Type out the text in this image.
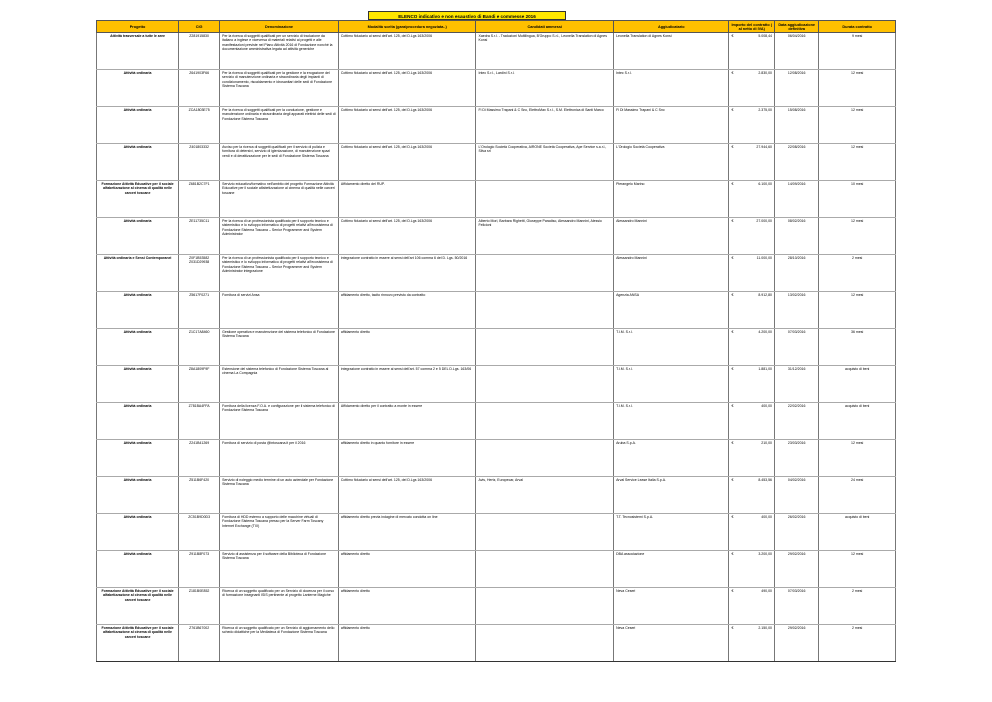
ELENCO indicativo e non esaustivo di Bandi e commesse 2016
Progetto	CIG	Denominazione	Modalità scelta (gara/procedura negoziata..)	Candidati ammessi	Aggiudicatario	Importo del contratto ( al netto di IVA)		Data aggiudicazione definitiva	Durata contratto
Attività trasversale a tutte le aree	Z281915830	Per la ricerca di soggetti qualificati per un servizio di traduzione da italiano a inglese e viceversa di materiali relativi ai progetti e alle manifestazioni previste nel Piano Attività 2016 di Fondazione nonché la documentazione amministrativa legata ad attività generiche	Cottimo fiduciario ai sensi dell'art. 125, del D.Lgs 163/2006	Xaedra S.r.l. - Traduzioni Multilingua, B'Gruppo S.r.l., Leonella Translation di Agnes Konsi	Leonella Translation di Agnes Konsi	€	5.008,44	06/04/2016	9 mesi
Attività ordinaria	Z641903F66	Per la ricerca di soggetti qualificati per la gestione e la erogazione del servizio di manutenzione ordinaria e straordinaria degli impianti di condizionamento, riscaldamento e idrosanitari delle sedi di Fondazione Sistema Toscana	Cottimo fiduciario ai sensi dell'art. 125, del D.Lgs 163/2006	Intec S.r.l., Lardini S.r.l.	Intec S.r.l.	€	2.830,00	12/08/2016	12 mesi
Attività ordinaria	ZCA1803E75	Per la ricerca di soggetti qualificati per la conduzione, gestione e manutenzione ordinaria e straordinaria degli apparati elettrici delle sedi di Fondazione Sistema Toscana	Cottimo fiduciario ai sensi dell'art. 125, del D.Lgs 163/2006	Fi Di Massimo Trapani & C Snc, ElettroMax S.r.l., S.M. Elettronica di Santi Marco	Fi Di Massimo Trapani & C Snc	€	2.375,00	15/08/2016	12 mesi
Attività ordinaria	Z401803332	Avviso per la ricerca di soggetti qualificati per il servizio di pulizia e fornitura di detersivi, servizio di igienizzazione, di manutenzione spazi verdi e di derattizzazione per le sedi di Fondazione Sistema Toscana	Cottimo fiduciario ai sensi dell'art. 125, del D.Lgs 163/2006	L'Orologio Società Cooperativa, AIRONE Società Cooperativa, Ape Service s.a.r.l., Silva srl	L'Orologio Società Cooperativa	€	27.944,60	22/08/2016	12 mesi
Formazione Attività Educative per il sociale alfabetizzazione al cinema di qualità nelle carceri toscane	Z681B2C7F1	Servizio educativo/formativo nell'ambito del progetto Formazione Attività Educative per il sociale alfabetizzazione al cinema di qualità nelle carceri toscane	Affidamento diretto del RUP.		Pierangelo Marino	€	6.100,00	14/09/2016	10 mesi
Attività ordinaria	ZE11735C11	Per la ricerca di un professionista qualificato per il supporto tecnico e sistemistico e lo sviluppo informatico di progetti relativi all'ecosistema di Fondazione Sistema Toscana – Senior Programmer and System Administrator	Cottimo fiduciario ai sensi dell'art. 125, del D.Lgs 163/2006	Alberto Mori, Barbara Righetti, Giuseppe Paradiso, Alessandro Mannini, Alessio Felicioni	Alessandro Mannini	€	27.000,00	08/02/2016	12 mesi
Attività ordinaria e Sensi Contemporanei	Z0F1B53582 Z031D29938	Per la ricerca di un professionista qualificato per il supporto tecnico e sistemistico e lo sviluppo informatico di progetti relativi all'ecosistema di Fondazione Sistema Toscana – Senior Programmer and System Administrator integrazione	integrazione contratto in essere ai sensi dell'art 106 comma 6 del D. Lgs. 50/2016		Alessandro Mannini	€	11.000,00	28/10/2016	2 mesi
Attività ordinaria	Z5617F0271	Fornitura di servizi Ansa	affidamento diretto, tacito rinnovo previsto da contratto		Agenzia ANSA	€	8.912,80	13/02/2016	12 mesi
Attività ordinaria	Z1C17A8460	Gestione operativa e manutenzione del sistema telefonico di Fondazione Sistema Toscana	affidamento diretto		T.I.M. S.r.l.	€	4.200,00	07/03/2016	36 mesi
Attività ordinaria	Z8A1809F9F	Estensione del sistema telefonico di Fondazione Sistema Toscana al cinema La Compagnia	integrazione contratto in essere ai sensi dell'art. 57 comma 2 e 5 DEL D.Lgs. 163/06		T.I.M. S.r.l.	€	1.881,00	31/12/2016	acquisto di beni
Attività ordinaria	Z781BA4FFA	Fornitura della licenza F.O.A. e configurazione per il sistema telefonico di Fondazione Sistema Toscana	Affidamento diretto per il contratto a monte in essere		T.I.M. S.r.l.	€	400,00	22/02/2016	acquisto di beni
Attività ordinaria	Z241B41269	Fornitura di servizio di posta @intoscana.it per il 2016	affidamento diretto in quanto fornitore in essere		Aruba S.p.A.	€	210,00	23/03/2016	12 mesi
Attività ordinaria	Z511B6F420	Servizio di noleggio medio termine di un auto aziendale per Fondazione Sistema Toscana	Cottimo fiduciario ai sensi dell'art. 125, del D.Lgs 163/2006	Avis, Hertz, Europecar, Arval	Arval Service Lease Italia S.p.A.	€	8.453,56	04/02/2016	24 mesi
Attività ordinaria	ZC51B9D0D3	Fornitura di HDD esterno a supporto delle macchine virtuali di Fondazione Sistema Toscana presso per la Server Farm Toscany Internet Exchange (TIX)	affidamento diretto previa indagine di mercato condotta on line		T.T. Tecnosistemi S.p.A.	€	400,00	26/02/2016	acquisto di beni
Attività ordinaria	Z911B8F073	Servizio di assistenza per il software della Biblioteca di Fondazione Sistema Toscana	affidamento diretto		DBA associazione	€	3.200,00	29/02/2016	12 mesi
Formazione Attività Educative per il sociale alfabetizzazione al cinema di qualità nelle carceri toscane	Z181B0E852	Ricerca di un soggetto qualificato per un Servizio di docenza per il corso di formazione insegnanti ISIS pertinente al progetto Lanterne Magiche	affidamento diretto		Neva Ceseri	€	490,00	07/03/2016	2 mesi
Formazione Attività Educative per il sociale alfabetizzazione al cinema di qualità nelle carceri toscane	Z761B67002	Ricerca di un soggetto qualificato per un Servizio di aggiornamento dello schedo didattiche per la Mediateca di Fondazione Sistema Toscana	affidamento diretto		Neva Ceseri	€	2.150,00	29/02/2016	2 mesi
